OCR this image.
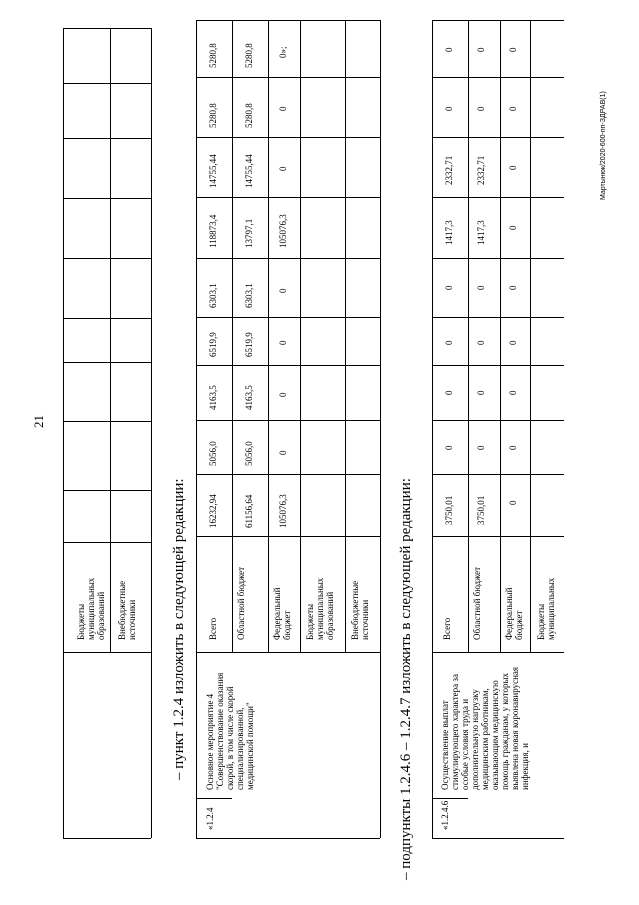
21
– пункт 1.2.4 изложить в следующей редакции:	– подпункты 1.2.4.6 – 1.2.4.7 изложить в следующей редакции:
Мартынюк/2020-600-пп-ЗДРАВ(1)
Бюджеты муниципальных образований Внебюджетные источники
«1.2.4
Основное мероприятие 4 "Совершенствование оказания скорой, в том числе скорой специализированной, медицинской помощи"
Всего Областной бюджет	Федеральный бюджет Бюджеты муниципальных образований Внебюджетные источники
16232,94
5056,0
4163,5
6519,9
6303,1
118873,4
14755,44
5280,8
5280,8
61156,64
5056,0
4163,5
6519,9
6303,1
13797,1
14755,44
5280,8
5280,8
105076,3
0
0
0
0
105076,3
0
0
0»;
«1.2.4.6
Осуществление выплат стимулирующего характера за особые условия труда и дополнительную нагрузку медицинским работникам, оказывающим медицинскую помощь гражданам, у которых выявлена новая коронавирусная инфекция, и
Всего Областной бюджет Федеральный бюджет Бюджеты муниципальных
3750,01
0
0
0
0
1417,3
2332,71
0
0
3750,01
0
0
0
0
1417,3
2332,71
0
0
0
0
0
0
0
0
0
0
0
